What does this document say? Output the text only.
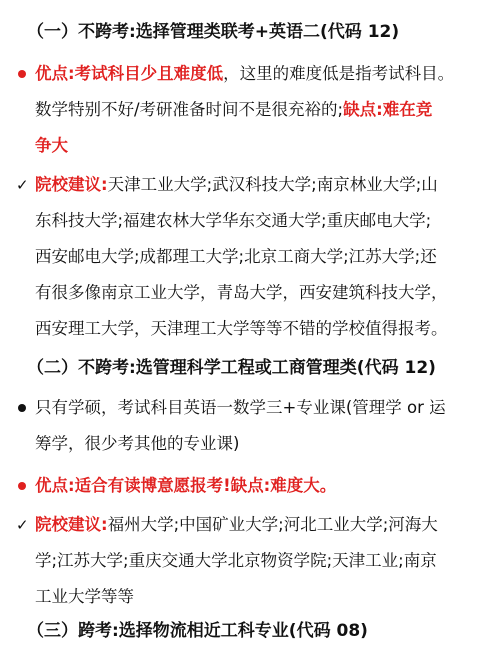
（一）不跨考:选择管理类联考+英语二(代码 12)
优点:考试科目少且难度低，这里的难度低是指考试科目。
数学特别不好/考研准备时间不是很充裕的;缺点:难在竞
争大
✓ 院校建议:天津工业大学;武汉科技大学;南京林业大学;山
东科技大学;福建农林大学华东交通大学;重庆邮电大学;
西安邮电大学;成都理工大学;北京工商大学;江苏大学;还
有很多像南京工业大学，青岛大学，西安建筑科技大学，
西安理工大学，天津理工大学等等不错的学校值得报考。
（二）不跨考:选管理科学工程或工商管理类(代码 12)
只有学硕，考试科目英语一数学三+专业课(管理学 or 运
筹学，很少考其他的专业课)
优点:适合有读博意愿报考!缺点:难度大。
✓ 院校建议:福州大学;中国矿业大学;河北工业大学;河海大
学;江苏大学;重庆交通大学北京物资学院;天津工业;南京
工业大学等等
（三）跨考:选择物流相近工科专业(代码 08)
